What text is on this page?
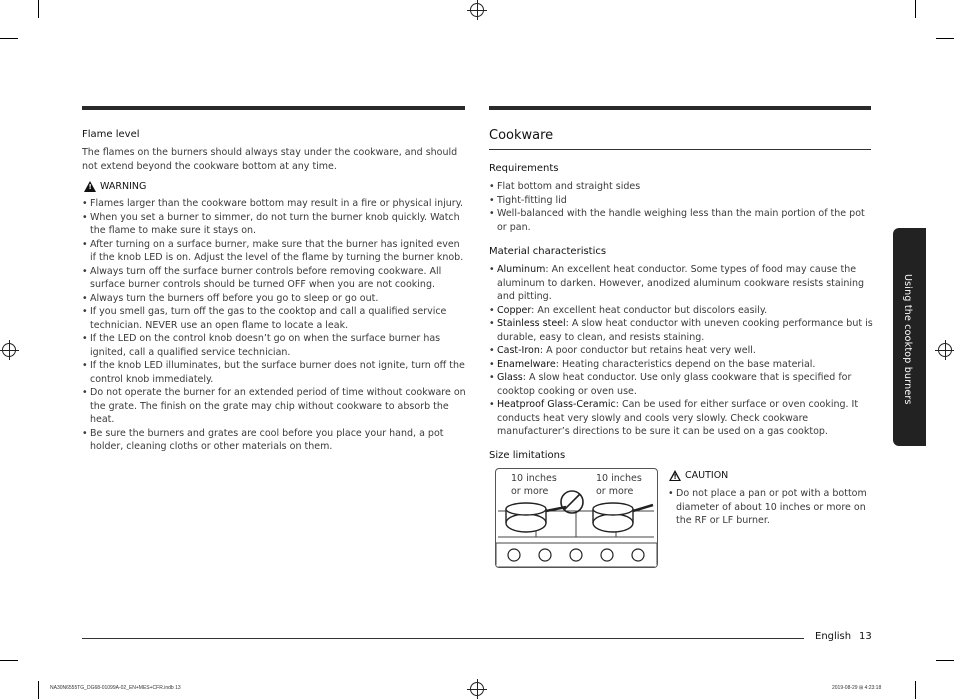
Flame level
The flames on the burners should always stay under the cookware, and should not extend beyond the cookware bottom at any time.
! WARNING
• Flames larger than the cookware bottom may result in a fire or physical injury.
• When you set a burner to simmer, do not turn the burner knob quickly. Watch the flame to make sure it stays on.
• After turning on a surface burner, make sure that the burner has ignited even if the knob LED is on. Adjust the level of the flame by turning the burner knob.
• Always turn off the surface burner controls before removing cookware. All surface burner controls should be turned OFF when you are not cooking.
• Always turn the burners off before you go to sleep or go out.
• If you smell gas, turn off the gas to the cooktop and call a qualified service technician. NEVER use an open flame to locate a leak.
• If the LED on the control knob doesn’t go on when the surface burner has ignited, call a qualified service technician.
• If the knob LED illuminates, but the surface burner does not ignite, turn off the control knob immediately.
• Do not operate the burner for an extended period of time without cookware on the grate. The finish on the grate may chip without cookware to absorb the heat.
• Be sure the burners and grates are cool before you place your hand, a pot holder, cleaning cloths or other materials on them.
Cookware
Requirements
• Flat bottom and straight sides
• Tight-fitting lid
• Well-balanced with the handle weighing less than the main portion of the pot or pan.
Material characteristics
• Aluminum: An excellent heat conductor. Some types of food may cause the aluminum to darken. However, anodized aluminum cookware resists staining and pitting.
• Copper: An excellent heat conductor but discolors easily.
• Stainless steel: A slow heat conductor with uneven cooking performance but is durable, easy to clean, and resists staining.
• Cast-Iron: A poor conductor but retains heat very well.
• Enamelware: Heating characteristics depend on the base material.
• Glass: A slow heat conductor. Use only glass cookware that is specified for cooktop cooking or oven use.
• Heatproof Glass-Ceramic: Can be used for either surface or oven cooking. It conducts heat very slowly and cools very slowly. Check cookware manufacturer’s directions to be sure it can be used on a gas cooktop.
Size limitations
10 inches
or more
10 inches
or more
! CAUTION
• Do not place a pan or pot with a bottom diameter of about 10 inches or more on the RF or LF burner.
Using the cooktop burners
English 13
NA30N6555TG_DG68-01099A-02_EN+MES+CFR.indb 13	2019-08-29 ⊞ 4:23:18
